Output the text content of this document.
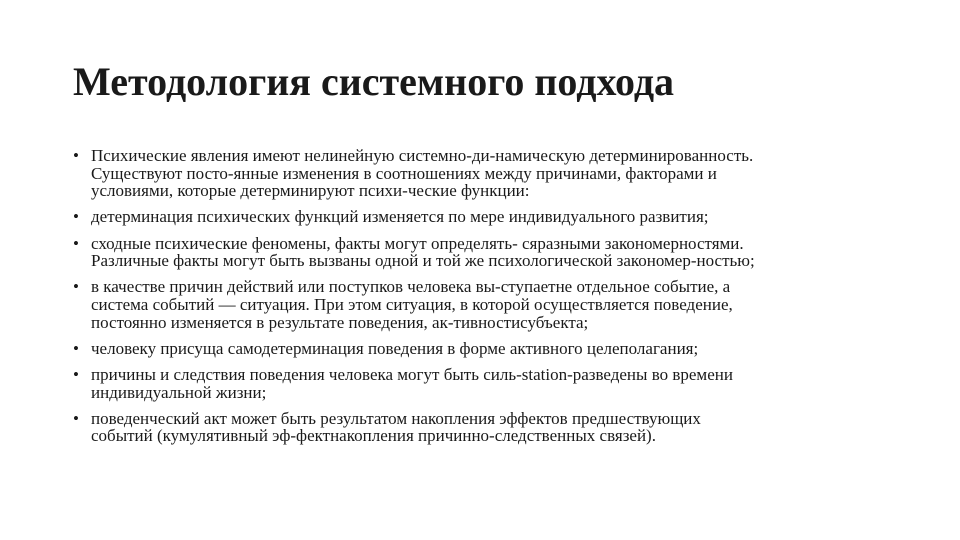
Методология системного подхода
• Психические явления имеют нелинейную системно-ди-намическую детерминированность.
Существуют посто-янные изменения в соотношениях между причинами, факторами и
условиями, которые детерминируют психи-ческие функции:
• детерминация психических функций изменяется по мере индивидуального развития;
• сходные психические феномены, факты могут определять- сяразными закономерностями.
Различные факты могут быть вызваны одной и той же психологической закономер-ностью;
• в качестве причин действий или поступков человека вы-ступаетне отдельное событие, а
система событий — ситуация. При этом ситуация, в которой осуществляется поведение,
постоянно изменяется в результате поведения, ак-тивностисубъекта;
• человеку присуща самодетерминация поведения в форме активного целеполагания;
• причины и следствия поведения человека могут быть силь-station-разведены во времени
индивидуальной жизни;
• поведенческий акт может быть результатом накопления эффектов предшествующих
событий (кумулятивный эф-фектнакопления причинно-следственных связей).
